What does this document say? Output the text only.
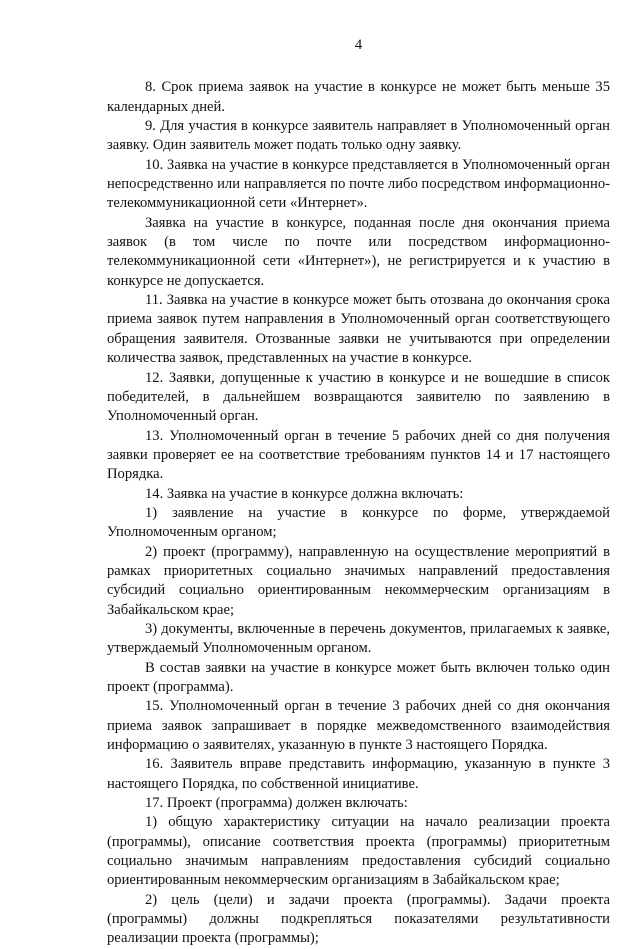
4

8. Срок приема заявок на участие в конкурсе не может быть меньше 35 календарных дней.

9. Для участия в конкурсе заявитель направляет в Уполномоченный орган заявку. Один заявитель может подать только одну заявку.

10. Заявка на участие в конкурсе представляется в Уполномоченный орган непосредственно или направляется по почте либо посредством информационно-телекоммуникационной сети «Интернет».

Заявка на участие в конкурсе, поданная после дня окончания приема заявок (в том числе по почте или посредством информационно-телекоммуникационной сети «Интернет»), не регистрируется и к участию в конкурсе не допускается.

11. Заявка на участие в конкурсе может быть отозвана до окончания срока приема заявок путем направления в Уполномоченный орган соответствующего обращения заявителя. Отозванные заявки не учитываются при определении количества заявок, представленных на участие в конкурсе.

12. Заявки, допущенные к участию в конкурсе и не вошедшие в список победителей, в дальнейшем возвращаются заявителю по заявлению в Уполномоченный орган.

13. Уполномоченный орган в течение 5 рабочих дней со дня получения заявки проверяет ее на соответствие требованиям пунктов 14 и 17 настоящего Порядка.

14. Заявка на участие в конкурсе должна включать:

1) заявление на участие в конкурсе по форме, утверждаемой Уполномоченным органом;

2) проект (программу), направленную на осуществление мероприятий в рамках приоритетных социально значимых направлений предоставления субсидий социально ориентированным некоммерческим организациям в Забайкальском крае;

3) документы, включенные в перечень документов, прилагаемых к заявке, утверждаемый Уполномоченным органом.

В состав заявки на участие в конкурсе может быть включен только один проект (программа).

15. Уполномоченный орган в течение 3 рабочих дней со дня окончания приема заявок запрашивает в порядке межведомственного взаимодействия информацию о заявителях, указанную в пункте 3 настоящего Порядка.

16. Заявитель вправе представить информацию, указанную в пункте 3 настоящего Порядка, по собственной инициативе.

17. Проект (программа) должен включать:

1) общую характеристику ситуации на начало реализации проекта (программы), описание соответствия проекта (программы) приоритетным социально значимым направлениям предоставления субсидий социально ориентированным некоммерческим организациям в Забайкальском крае;

2) цель (цели) и задачи проекта (программы). Задачи проекта (программы) должны подкрепляться показателями результативности реализации проекта (программы);
